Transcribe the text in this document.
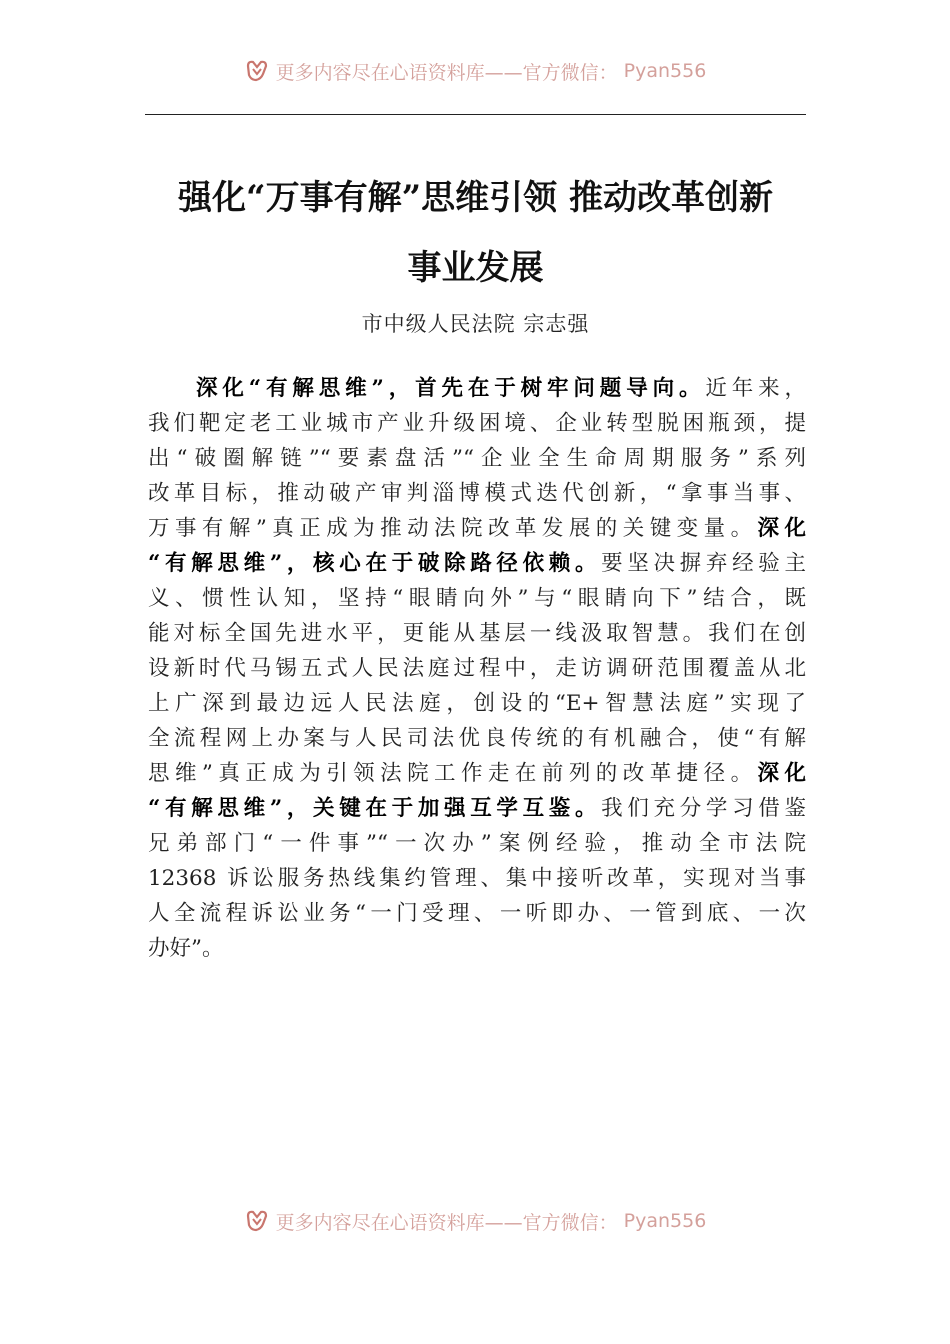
更多内容尽在心语资料库——官方微信： Pyan556
强化“万事有解”思维引领 推动改革创新
事业发展
市中级人民法院 宗志强
深化“有解思维”，首先在于树牢问题导向。近年来，
我们靶定老工业城市产业升级困境、企业转型脱困瓶颈，提
出“破圈解链”“要素盘活”“企业全生命周期服务”系列
改革目标，推动破产审判淄博模式迭代创新，“拿事当事、
万事有解”真正成为推动法院改革发展的关键变量。深化
“有解思维”，核心在于破除路径依赖。要坚决摒弃经验主
义、惯性认知，坚持“眼睛向外”与“眼睛向下”结合，既
能对标全国先进水平，更能从基层一线汲取智慧。我们在创
设新时代马锡五式人民法庭过程中，走访调研范围覆盖从北
上广深到最边远人民法庭，创设的“E+智慧法庭”实现了
全流程网上办案与人民司法优良传统的有机融合，使“有解
思维”真正成为引领法院工作走在前列的改革捷径。深化
“有解思维”，关键在于加强互学互鉴。我们充分学习借鉴
兄弟部门“一件事”“一次办”案例经验，推动全市法院
12368 诉讼服务热线集约管理、集中接听改革，实现对当事
人全流程诉讼业务“一门受理、一听即办、一管到底、一次
办好”。
更多内容尽在心语资料库——官方微信： Pyan556
